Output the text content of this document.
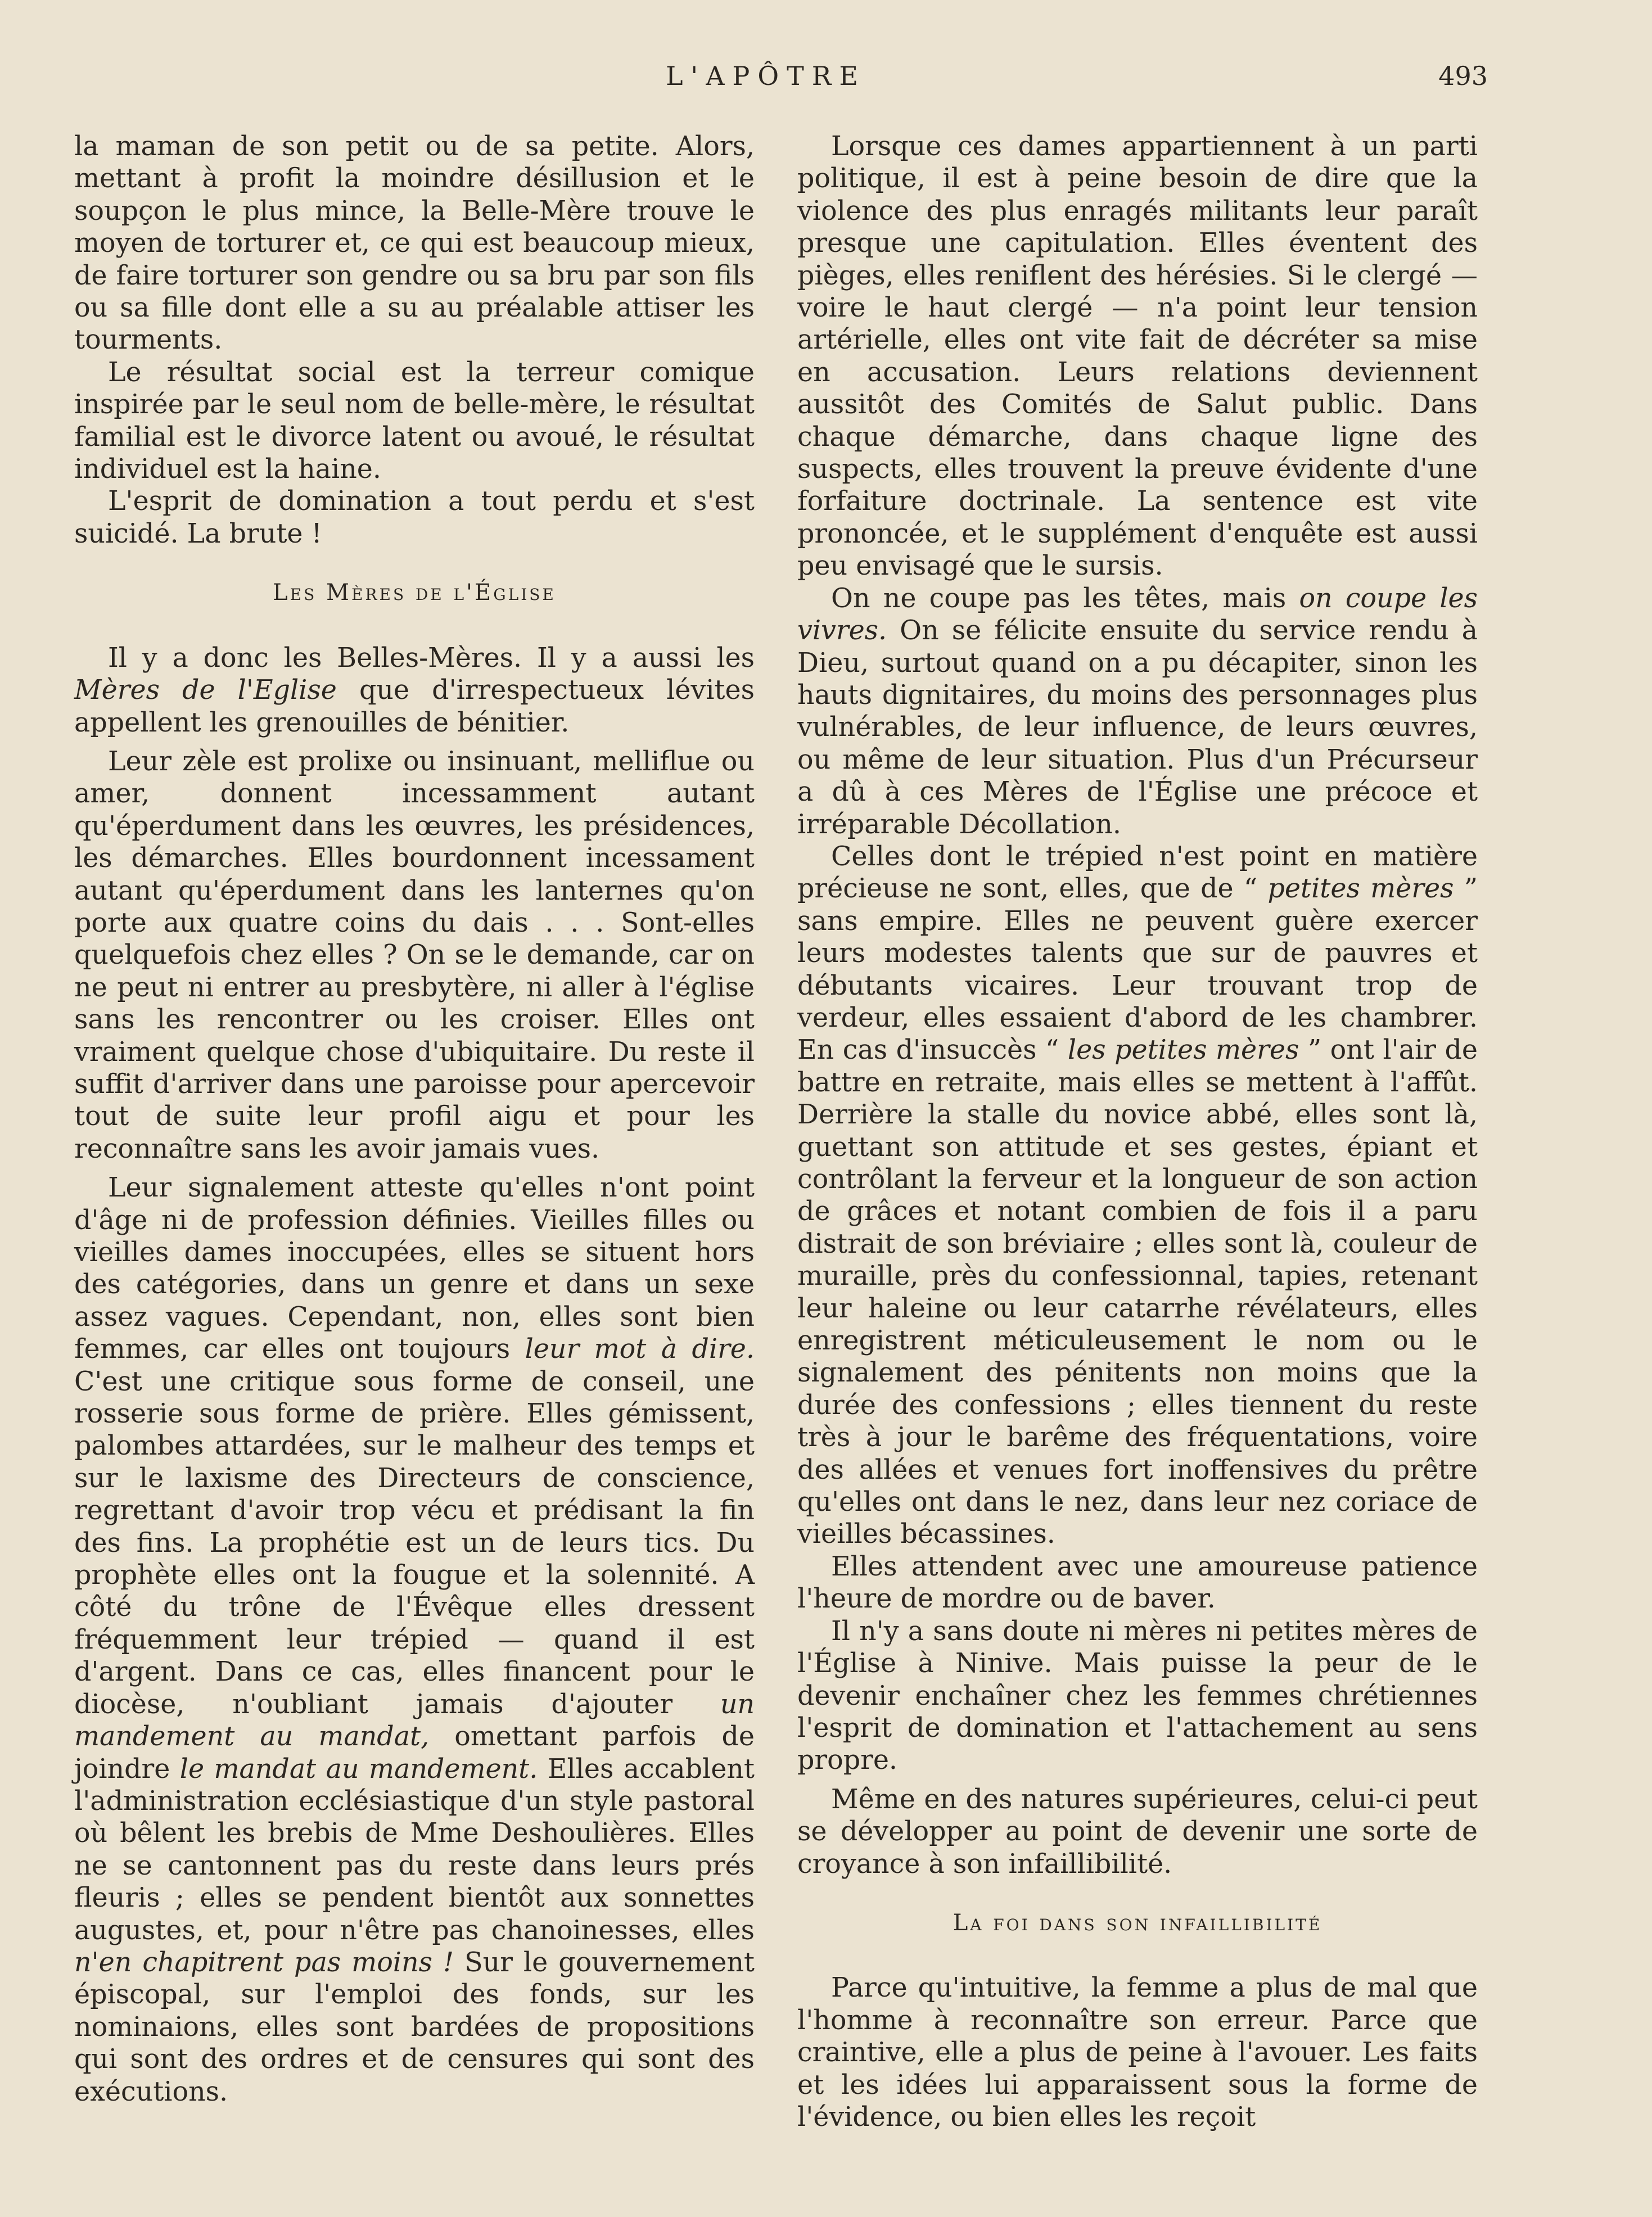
L'APÔTRE	493

la maman de son petit ou de sa petite. Alors, mettant à profit la moindre désillusion et le soupçon le plus mince, la Belle-Mère trouve le moyen de torturer et, ce qui est beaucoup mieux, de faire torturer son gendre ou sa bru par son fils ou sa fille dont elle a su au préalable attiser les tourments.

Le résultat social est la terreur comique inspirée par le seul nom de belle-mère, le résultat familial est le divorce latent ou avoué, le résultat individuel est la haine.

L'esprit de domination a tout perdu et s'est suicidé. La brute !

Les Mères de l'Église

Il y a donc les Belles-Mères. Il y a aussi les Mères de l'Eglise que d'irrespectueux lévites appellent les grenouilles de bénitier.

Leur zèle est prolixe ou insinuant, melliflue ou amer, donnent incessamment autant qu'éperdument dans les œuvres, les présidences, les démarches. Elles bourdonnent incessament autant qu'éperdument dans les lanternes qu'on porte aux quatre coins du dais . . . Sont-elles quelquefois chez elles ? On se le demande, car on ne peut ni entrer au presbytère, ni aller à l'église sans les rencontrer ou les croiser. Elles ont vraiment quelque chose d'ubiquitaire. Du reste il suffit d'arriver dans une paroisse pour apercevoir tout de suite leur profil aigu et pour les reconnaître sans les avoir jamais vues.

Leur signalement atteste qu'elles n'ont point d'âge ni de profession définies. Vieilles filles ou vieilles dames inoccupées, elles se situent hors des catégories, dans un genre et dans un sexe assez vagues. Cependant, non, elles sont bien femmes, car elles ont toujours leur mot à dire. C'est une critique sous forme de conseil, une rosserie sous forme de prière. Elles gémissent, palombes attardées, sur le malheur des temps et sur le laxisme des Directeurs de conscience, regrettant d'avoir trop vécu et prédisant la fin des fins. La prophétie est un de leurs tics. Du prophète elles ont la fougue et la solennité. A côté du trône de l'Évêque elles dressent fréquemment leur trépied — quand il est d'argent. Dans ce cas, elles financent pour le diocèse, n'oubliant jamais d'ajouter un mandement au mandat, omettant parfois de joindre le mandat au mandement. Elles accablent l'administration ecclésiastique d'un style pastoral où bêlent les brebis de Mme Deshoulières. Elles ne se cantonnent pas du reste dans leurs prés fleuris ; elles se pendent bientôt aux sonnettes augustes, et, pour n'être pas chanoinesses, elles n'en chapitrent pas moins ! Sur le gouvernement épiscopal, sur l'emploi des fonds, sur les nominaions, elles sont bardées de propositions qui sont des ordres et de censures qui sont des exécutions.

Lorsque ces dames appartiennent à un parti politique, il est à peine besoin de dire que la violence des plus enragés militants leur paraît presque une capitulation. Elles éventent des pièges, elles reniflent des hérésies. Si le clergé — voire le haut clergé — n'a point leur tension artérielle, elles ont vite fait de décréter sa mise en accusation. Leurs relations deviennent aussitôt des Comités de Salut public. Dans chaque démarche, dans chaque ligne des suspects, elles trouvent la preuve évidente d'une forfaiture doctrinale. La sentence est vite prononcée, et le supplément d'enquête est aussi peu envisagé que le sursis.

On ne coupe pas les têtes, mais on coupe les vivres. On se félicite ensuite du service rendu à Dieu, surtout quand on a pu décapiter, sinon les hauts dignitaires, du moins des personnages plus vulnérables, de leur influence, de leurs œuvres, ou même de leur situation. Plus d'un Précurseur a dû à ces Mères de l'Église une précoce et irréparable Décollation.

Celles dont le trépied n'est point en matière précieuse ne sont, elles, que de “ petites mères ” sans empire. Elles ne peuvent guère exercer leurs modestes talents que sur de pauvres et débutants vicaires. Leur trouvant trop de verdeur, elles essaient d'abord de les chambrer. En cas d'insuccès “ les petites mères ” ont l'air de battre en retraite, mais elles se mettent à l'affût. Derrière la stalle du novice abbé, elles sont là, guettant son attitude et ses gestes, épiant et contrôlant la ferveur et la longueur de son action de grâces et notant combien de fois il a paru distrait de son bréviaire ; elles sont là, couleur de muraille, près du confessionnal, tapies, retenant leur haleine ou leur catarrhe révélateurs, elles enregistrent méticuleusement le nom ou le signalement des pénitents non moins que la durée des confessions ; elles tiennent du reste très à jour le barême des fréquentations, voire des allées et venues fort inoffensives du prêtre qu'elles ont dans le nez, dans leur nez coriace de vieilles bécassines.

Elles attendent avec une amoureuse patience l'heure de mordre ou de baver.

Il n'y a sans doute ni mères ni petites mères de l'Église à Ninive. Mais puisse la peur de le devenir enchaîner chez les femmes chrétiennes l'esprit de domination et l'attachement au sens propre.

Même en des natures supérieures, celui-ci peut se développer au point de devenir une sorte de croyance à son infaillibilité.

La foi dans son infaillibilité

Parce qu'intuitive, la femme a plus de mal que l'homme à reconnaître son erreur. Parce que craintive, elle a plus de peine à l'avouer. Les faits et les idées lui apparaissent sous la forme de l'évidence, ou bien elles les reçoit
